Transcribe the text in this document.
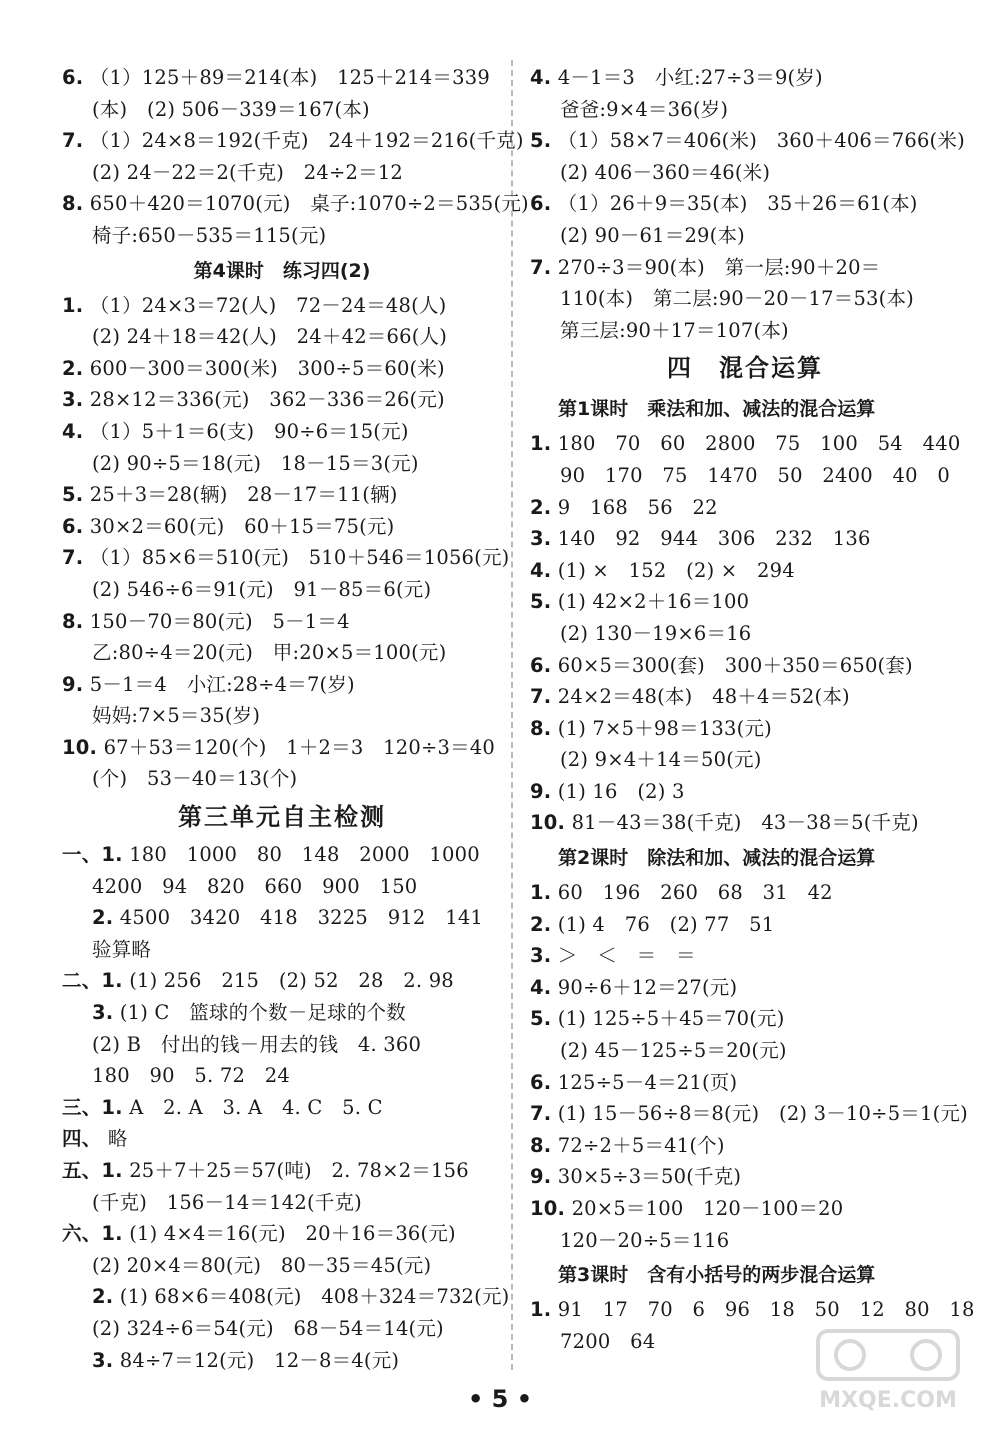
6. （1）125＋89＝214(本)　125＋214＝339
(本)　(2) 506－339＝167(本)
7. （1）24×8＝192(千克)　24＋192＝216(千克)
(2) 24－22＝2(千克)　24÷2＝12
8. 650＋420＝1070(元)　桌子:1070÷2＝535(元)
椅子:650－535＝115(元)
第4课时　练习四(2)
1. （1）24×3＝72(人)　72－24＝48(人)
(2) 24＋18＝42(人)　24＋42＝66(人)
2. 600－300＝300(米)　300÷5＝60(米)
3. 28×12＝336(元)　362－336＝26(元)
4. （1）5＋1＝6(支)　90÷6＝15(元)
(2) 90÷5＝18(元)　18－15＝3(元)
5. 25＋3＝28(辆)　28－17＝11(辆)
6. 30×2＝60(元)　60＋15＝75(元)
7. （1）85×6＝510(元)　510＋546＝1056(元)
(2) 546÷6＝91(元)　91－85＝6(元)
8. 150－70＝80(元)　5－1＝4
乙:80÷4＝20(元)　甲:20×5＝100(元)
9. 5－1＝4　小江:28÷4＝7(岁)
妈妈:7×5＝35(岁)
10. 67＋53＝120(个)　1＋2＝3　120÷3＝40
(个)　53－40＝13(个)
第三单元自主检测
一、1. 180　1000　80　148　2000　1000
4200　94　820　660　900　150
2. 4500　3420　418　3225　912　141
验算略
二、1. (1) 256　215　(2) 52　28　2. 98
3. (1) C　篮球的个数－足球的个数
(2) B　付出的钱－用去的钱　4. 360
180　90　5. 72　24
三、1. A　2. A　3. A　4. C　5. C
四、 略
五、1. 25＋7＋25＝57(吨)　2. 78×2＝156
(千克)　156－14＝142(千克)
六、1. (1) 4×4＝16(元)　20＋16＝36(元)
(2) 20×4＝80(元)　80－35＝45(元)
2. (1) 68×6＝408(元)　408＋324＝732(元)
(2) 324÷6＝54(元)　68－54＝14(元)
3. 84÷7＝12(元)　12－8＝4(元)
4. 4－1＝3　小红:27÷3＝9(岁)
爸爸:9×4＝36(岁)
5. （1）58×7＝406(米)　360＋406＝766(米)
(2) 406－360＝46(米)
6. （1）26＋9＝35(本)　35＋26＝61(本)
(2) 90－61＝29(本)
7. 270÷3＝90(本)　第一层:90＋20＝
110(本)　第二层:90－20－17＝53(本)
第三层:90＋17＝107(本)
四　混合运算
第1课时　乘法和加、减法的混合运算
1. 180　70　60　2800　75　100　54　440
90　170　75　1470　50　2400　40　0
2. 9　168　56　22
3. 140　92　944　306　232　136
4. (1) ×　152　(2) ×　294
5. (1) 42×2＋16＝100
(2) 130－19×6＝16
6. 60×5＝300(套)　300＋350＝650(套)
7. 24×2＝48(本)　48＋4＝52(本)
8. (1) 7×5＋98＝133(元)
(2) 9×4＋14＝50(元)
9. (1) 16　(2) 3
10. 81－43＝38(千克)　43－38＝5(千克)
第2课时　除法和加、减法的混合运算
1. 60　196　260　68　31　42
2. (1) 4　76　(2) 77　51
3. ＞　＜　＝　＝
4. 90÷6＋12＝27(元)
5. (1) 125÷5＋45＝70(元)
(2) 45－125÷5＝20(元)
6. 125÷5－4＝21(页)
7. (1) 15－56÷8＝8(元)　(2) 3－10÷5＝1(元)
8. 72÷2＋5＝41(个)
9. 30×5÷3＝50(千克)
10. 20×5＝100　120－100＝20
120－20÷5＝116
第3课时　含有小括号的两步混合运算
1. 91　17　70　6　96　18　50　12　80　18
7200　64
• 5 •	MXQE.COM
